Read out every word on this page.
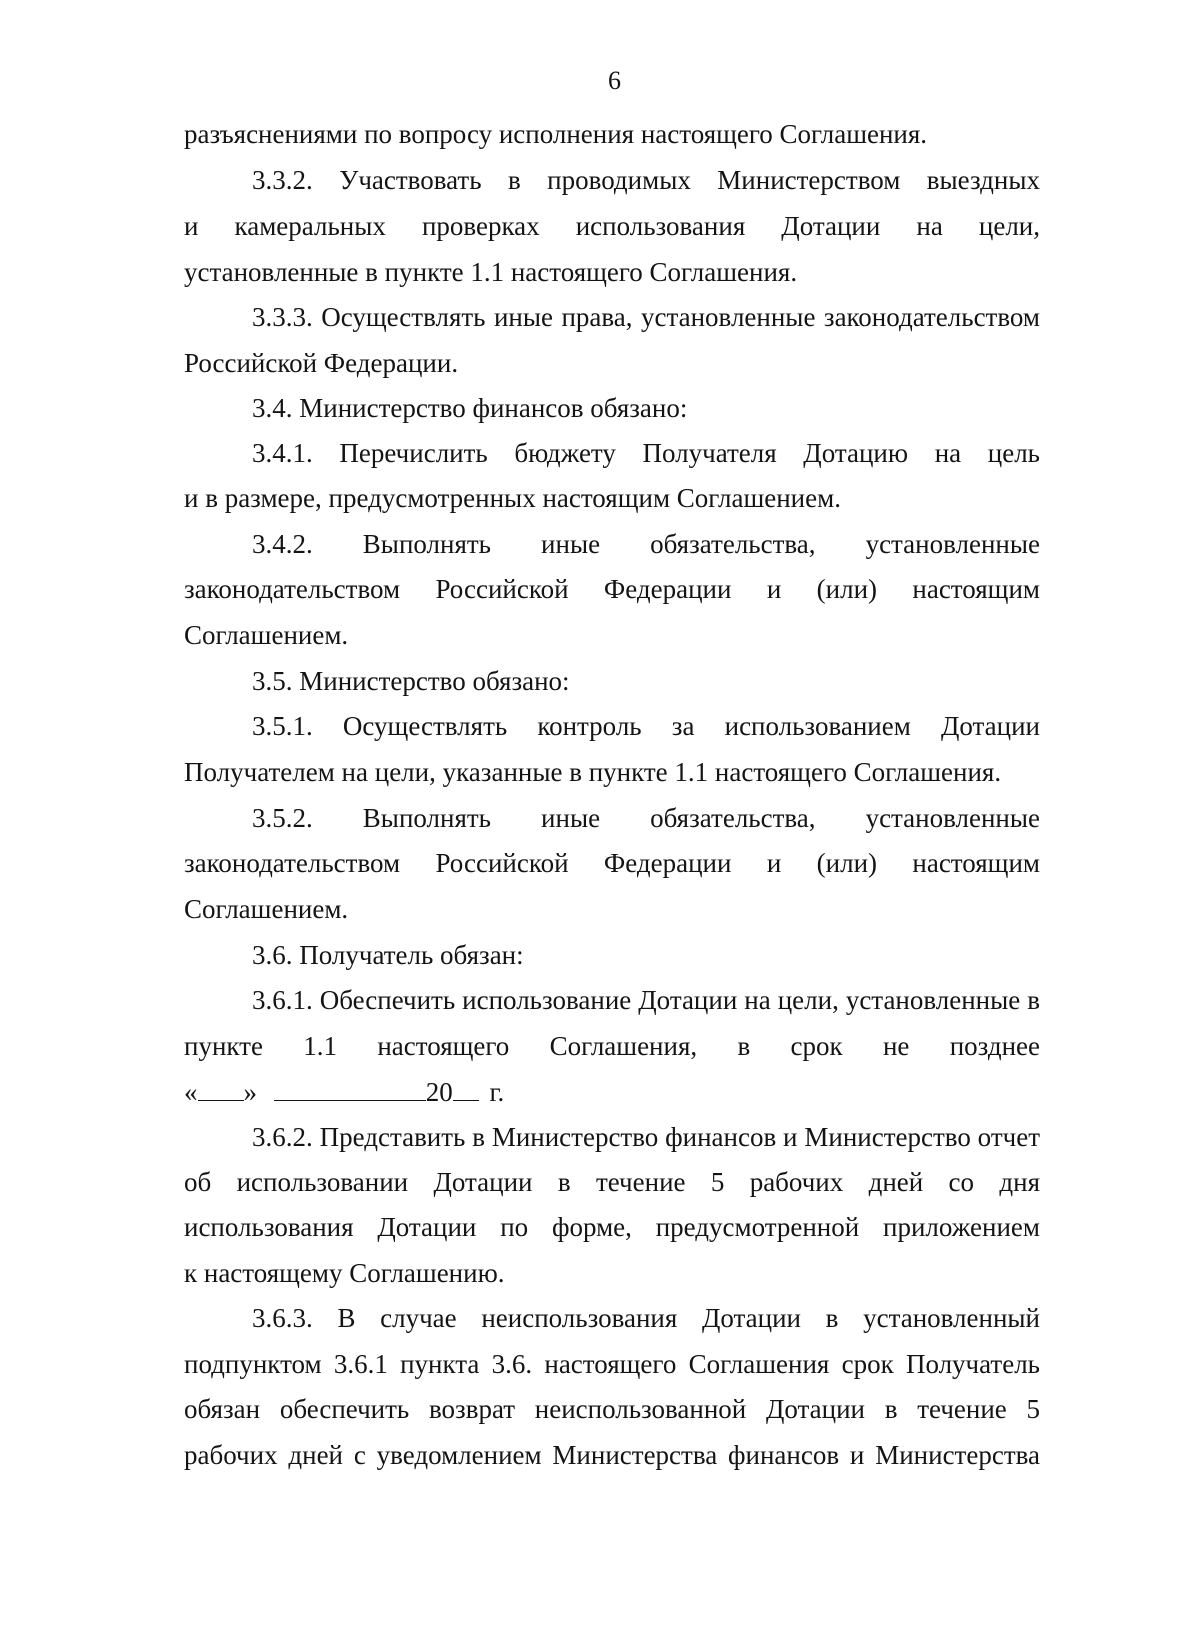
6
разъяснениями по вопросу исполнения настоящего Соглашения.
3.3.2. Участвовать в проводимых Министерством выездных
и камеральных проверках использования Дотации на цели,
установленные в пункте 1.1 настоящего Соглашения.
3.3.3. Осуществлять иные права, установленные законодательством
Российской Федерации.
3.4. Министерство финансов обязано:
3.4.1. Перечислить бюджету Получателя Дотацию на цель
и в размере, предусмотренных настоящим Соглашением.
3.4.2. Выполнять иные обязательства, установленные
законодательством Российской Федерации и (или) настоящим
Соглашением.
3.5. Министерство обязано:
3.5.1. Осуществлять контроль за использованием Дотации
Получателем на цели, указанные в пункте 1.1 настоящего Соглашения.
3.5.2. Выполнять иные обязательства, установленные
законодательством Российской Федерации и (или) настоящим
Соглашением.
3.6. Получатель обязан:
3.6.1. Обеспечить использование Дотации на цели, установленные в
пункте 1.1 настоящего Соглашения, в срок не позднее
« »	20 г.
3.6.2. Представить в Министерство финансов и Министерство отчет
об использовании Дотации в течение 5 рабочих дней со дня
использования Дотации по форме, предусмотренной приложением
к настоящему Соглашению.
3.6.3. В случае неиспользования Дотации в установленный
подпунктом 3.6.1 пункта 3.6. настоящего Соглашения срок Получатель
обязан обеспечить возврат неиспользованной Дотации в течение 5
рабочих дней с уведомлением Министерства финансов и Министерства
